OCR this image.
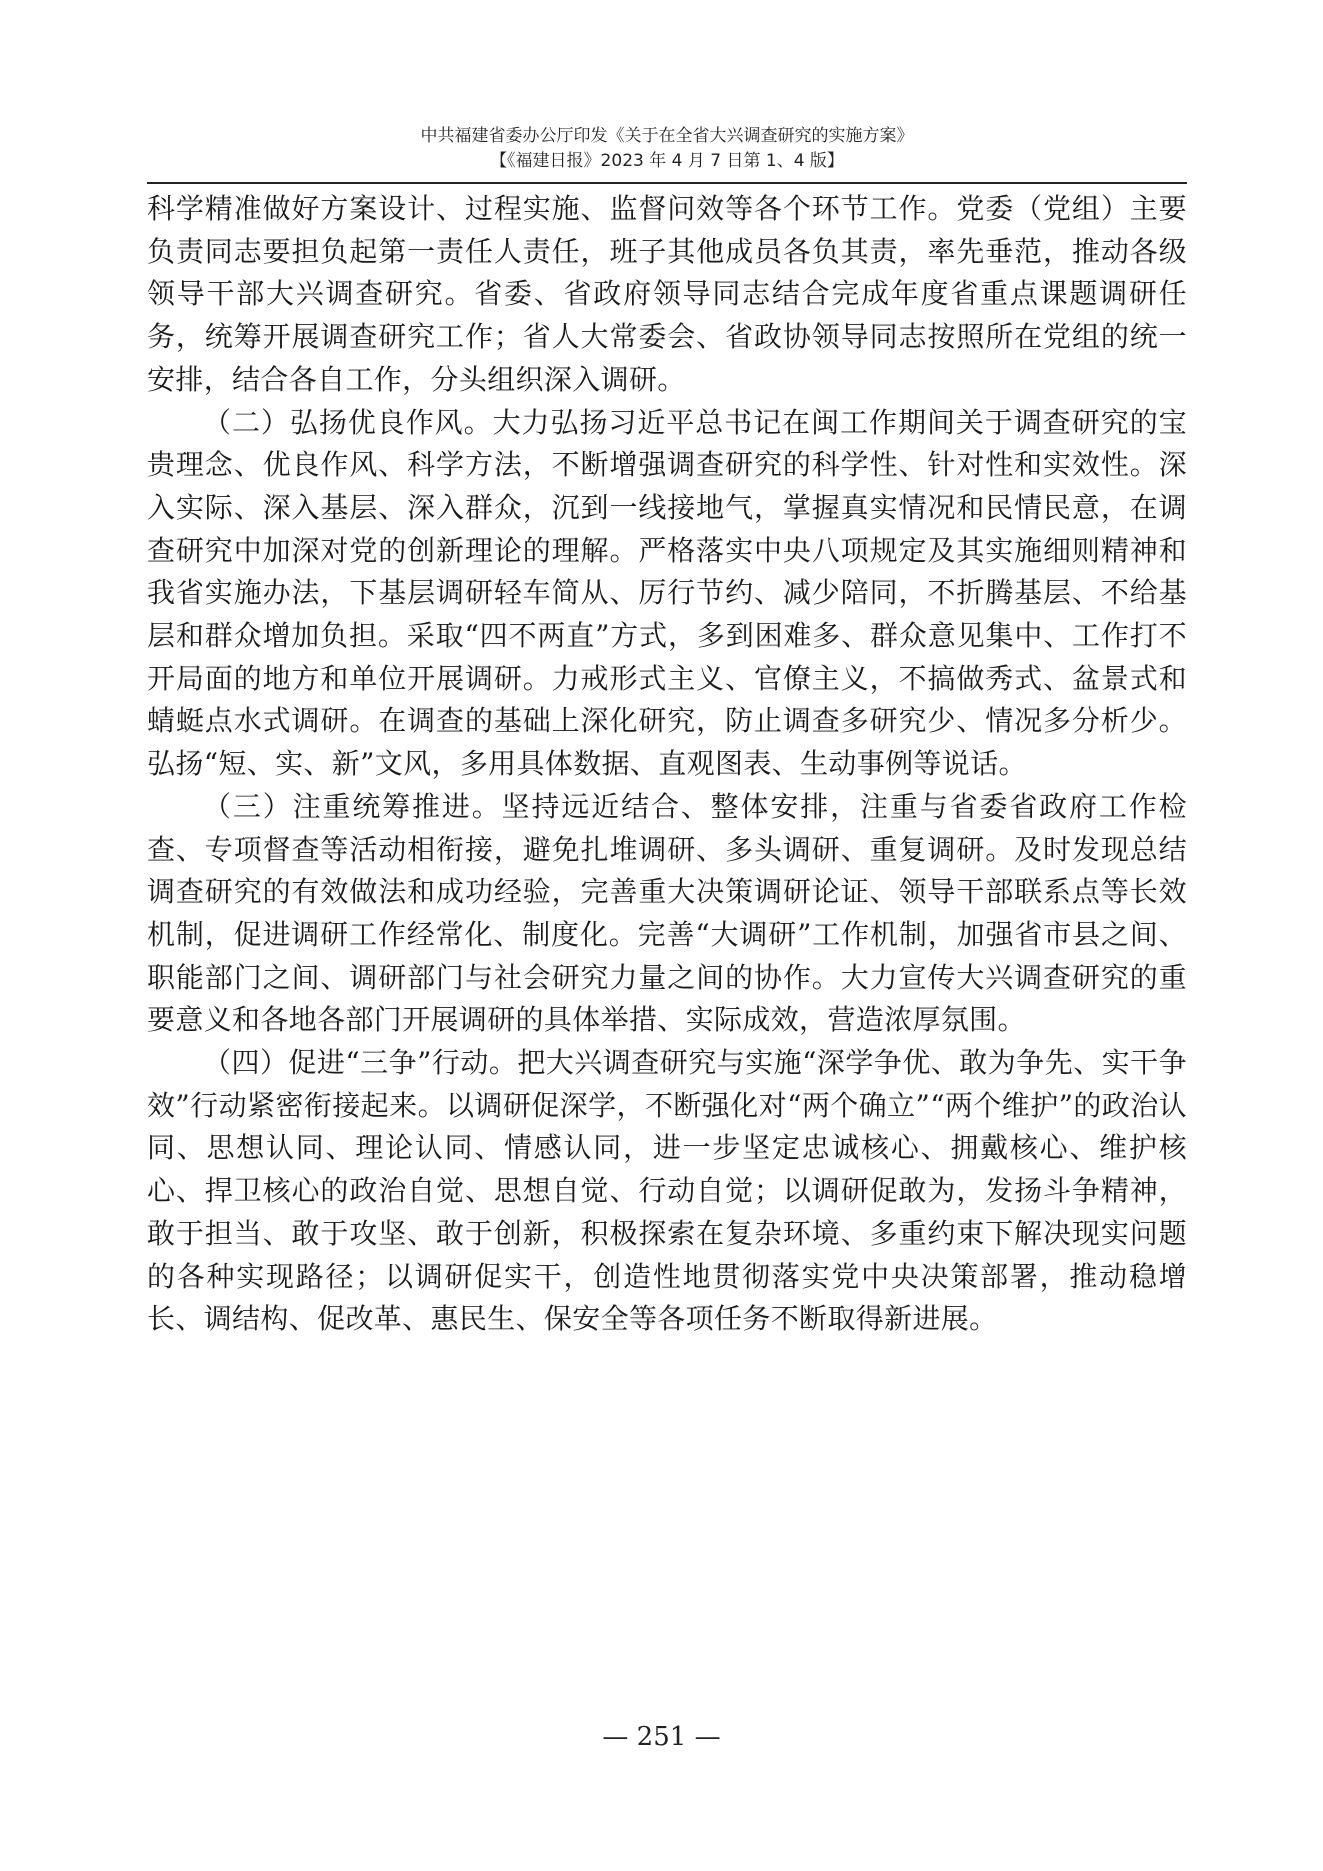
中共福建省委办公厅印发《关于在全省大兴调查研究的实施方案》
【《福建日报》2023 年 4 月 7 日第 1、4 版】

科学精准做好方案设计、过程实施、监督问效等各个环节工作。党委（党组）主要负责同志要担负起第一责任人责任，班子其他成员各负其责，率先垂范，推动各级领导干部大兴调查研究。省委、省政府领导同志结合完成年度省重点课题调研任务，统筹开展调查研究工作；省人大常委会、省政协领导同志按照所在党组的统一安排，结合各自工作，分头组织深入调研。

（二）弘扬优良作风。大力弘扬习近平总书记在闽工作期间关于调查研究的宝贵理念、优良作风、科学方法，不断增强调查研究的科学性、针对性和实效性。深入实际、深入基层、深入群众，沉到一线接地气，掌握真实情况和民情民意，在调查研究中加深对党的创新理论的理解。严格落实中央八项规定及其实施细则精神和我省实施办法，下基层调研轻车简从、厉行节约、减少陪同，不折腾基层、不给基层和群众增加负担。采取“四不两直”方式，多到困难多、群众意见集中、工作打不开局面的地方和单位开展调研。力戒形式主义、官僚主义，不搞做秀式、盆景式和蜻蜓点水式调研。在调查的基础上深化研究，防止调查多研究少、情况多分析少。弘扬“短、实、新”文风，多用具体数据、直观图表、生动事例等说话。

（三）注重统筹推进。坚持远近结合、整体安排，注重与省委省政府工作检查、专项督查等活动相衔接，避免扎堆调研、多头调研、重复调研。及时发现总结调查研究的有效做法和成功经验，完善重大决策调研论证、领导干部联系点等长效机制，促进调研工作经常化、制度化。完善“大调研”工作机制，加强省市县之间、职能部门之间、调研部门与社会研究力量之间的协作。大力宣传大兴调查研究的重要意义和各地各部门开展调研的具体举措、实际成效，营造浓厚氛围。

（四）促进“三争”行动。把大兴调查研究与实施“深学争优、敢为争先、实干争效”行动紧密衔接起来。以调研促深学，不断强化对“两个确立”“两个维护”的政治认同、思想认同、理论认同、情感认同，进一步坚定忠诚核心、拥戴核心、维护核心、捍卫核心的政治自觉、思想自觉、行动自觉；以调研促敢为，发扬斗争精神，敢于担当、敢于攻坚、敢于创新，积极探索在复杂环境、多重约束下解决现实问题的各种实现路径；以调研促实干，创造性地贯彻落实党中央决策部署，推动稳增长、调结构、促改革、惠民生、保安全等各项任务不断取得新进展。

— 251 —
